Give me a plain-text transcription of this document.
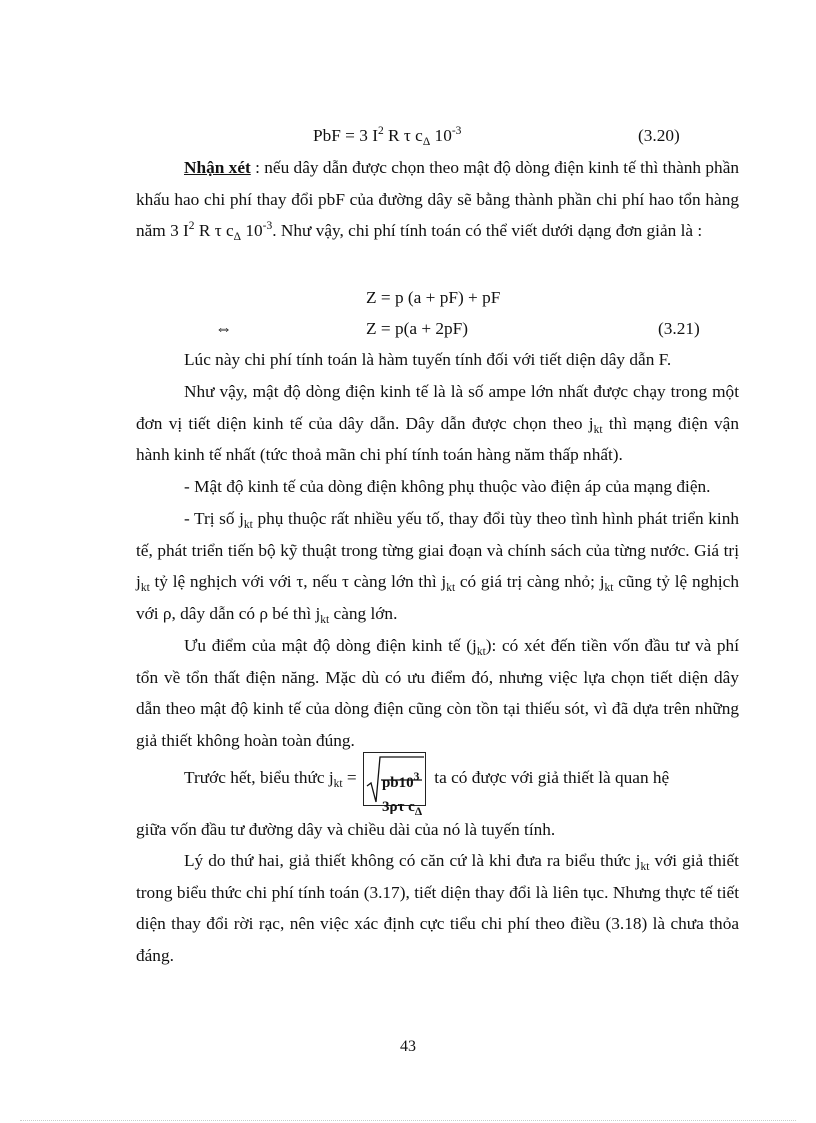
PbF = 3 $I^2$ R τ $c_\Delta$ $10^{-3}$	(3.20)

Nhận xét : nếu dây dẫn được chọn theo mật độ dòng điện kinh tế thì thành phần khấu hao chi phí thay đổi pbF của đường dây sẽ bằng thành phần chi phí hao tổn hàng năm 3 $I^2$ R τ $c_\Delta$ $10^{-3}$. Như vậy, chi phí tính toán có thể viết dưới dạng đơn giản là :

Z = p (a + pF) + pF
⇔	Z = p(a + 2pF)	(3.21)

Lúc này chi phí tính toán là hàm tuyến tính đối với tiết diện dây dẫn F.

Như vậy, mật độ dòng điện kinh tế là là số ampe lớn nhất được chạy trong một đơn vị tiết diện kinh tế của dây dẫn. Dây dẫn được chọn theo $j_{kt}$ thì mạng điện vận hành kinh tế nhất (tức thoả mãn chi phí tính toán hàng năm thấp nhất).

- Mật độ kinh tế của dòng điện không phụ thuộc vào điện áp của mạng điện.

- Trị số $j_{kt}$ phụ thuộc rất nhiều yếu tố, thay đổi tùy theo tình hình phát triển kinh tế, phát triển tiến bộ kỹ thuật trong từng giai đoạn và chính sách của từng nước. Giá trị $j_{kt}$ tỷ lệ nghịch với với τ, nếu τ càng lớn thì $j_{kt}$ có giá trị càng nhỏ; $j_{kt}$ cũng tỷ lệ nghịch với ρ, dây dẫn có ρ bé thì $j_{kt}$ càng lớn.

Ưu điểm của mật độ dòng điện kinh tế $(j_{kt})$: có xét đến tiền vốn đầu tư và phí tổn về tổn thất điện năng. Mặc dù có ưu điểm đó, nhưng việc lựa chọn tiết diện dây dẫn theo mật độ kinh tế của dòng điện cũng còn tồn tại thiếu sót, vì đã dựa trên những giả thiết không hoàn toàn đúng.

Trước hết, biểu thức $j_{kt} = pb10^3$
3ρτ $c_\Delta$
ta có được với giả thiết là quan hệ

giữa vốn đầu tư đường dây và chiều dài của nó là tuyến tính.

Lý do thứ hai, giả thiết không có căn cứ là khi đưa ra biểu thức $j_{kt}$ với giả thiết trong biểu thức chi phí tính toán (3.17), tiết diện thay đổi là liên tục. Nhưng thực tế tiết diện thay đổi rời rạc, nên việc xác định cực tiểu chi phí theo điều (3.18) là chưa thỏa đáng.

43
